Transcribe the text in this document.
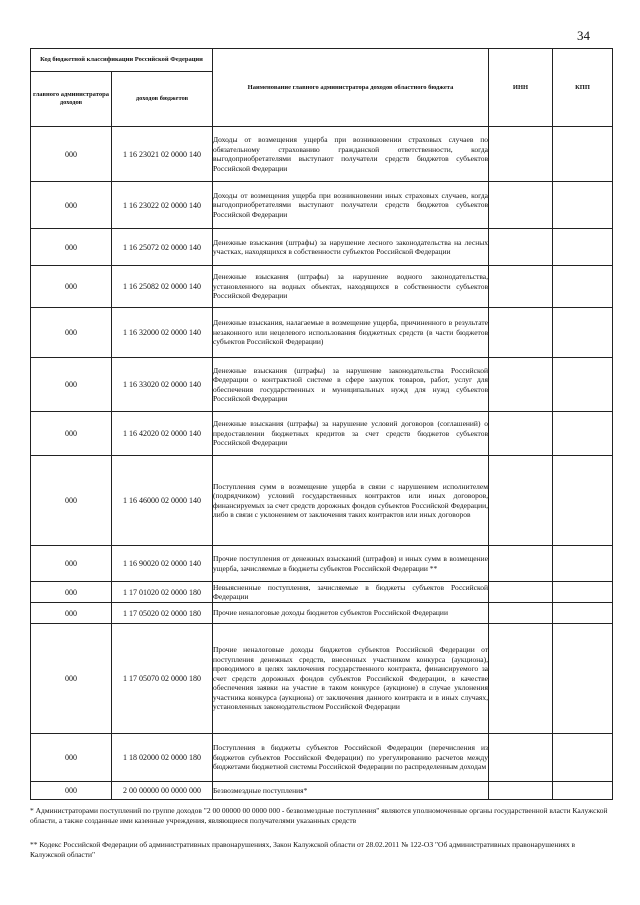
34
Код бюджетной классификации Российской Федерации		Наименование главного администратора доходов областного бюджета	ИНН	КПП
главного администратора доходов	доходов бюджетов			
000	1 16 23021 02 0000 140	Доходы от возмещения ущерба при возникновении страховых случаев по обязательному страхованию гражданской ответственности, когда выгодоприобретателями выступают получатели средств бюджетов субъектов Российской Федерации		
000	1 16 23022 02 0000 140	Доходы от возмещения ущерба при возникновении иных страховых случаев, когда выгодоприобретателями выступают получатели средств бюджетов субъектов Российской Федерации		
000	1 16 25072 02 0000 140	Денежные взыскания (штрафы) за нарушение лесного законодательства на лесных участках, находящихся в собственности субъектов Российской Федерации		
000	1 16 25082 02 0000 140	Денежные взыскания (штрафы) за нарушение водного законодательства, установленного на водных объектах, находящихся в собственности субъектов Российской Федерации		
000	1 16 32000 02 0000 140	Денежные взыскания, налагаемые в возмещение ущерба, причиненного в результате незаконного или нецелевого использования бюджетных средств (в части бюджетов субъектов Российской Федерации)		
000	1 16 33020 02 0000 140	Денежные взыскания (штрафы) за нарушение законодательства Российской Федерации о контрактной системе в сфере закупок товаров, работ, услуг для обеспечения государственных и муниципальных нужд для нужд субъектов Российской Федерации		
000	1 16 42020 02 0000 140	Денежные взыскания (штрафы) за нарушение условий договоров (соглашений) о предоставлении бюджетных кредитов за счет средств бюджетов субъектов Российской Федерации		
000	1 16 46000 02 0000 140	Поступления сумм в возмещение ущерба в связи с нарушением исполнителем (подрядчиком) условий государственных контрактов или иных договоров, финансируемых за счет средств дорожных фондов субъектов Российской Федерации, либо в связи с уклонением от заключения таких контрактов или иных договоров		
000	1 16 90020 02 0000 140	Прочие поступления от денежных взысканий (штрафов) и иных сумм в возмещение ущерба, зачисляемые в бюджеты субъектов Российской Федерации **		
000	1 17 01020 02 0000 180	Невыясненные поступления, зачисляемые в бюджеты субъектов Российской Федерации		
000	1 17 05020 02 0000 180	Прочие неналоговые доходы бюджетов субъектов Российской Федерации		
000	1 17 05070 02 0000 180	Прочие неналоговые доходы бюджетов субъектов Российской Федерации от поступления денежных средств, внесенных участником конкурса (аукциона), проводимого в целях заключения государственного контракта, финансируемого за счет средств дорожных фондов субъектов Российской Федерации, в качестве обеспечения заявки на участие в таком конкурсе (аукционе) в случае уклонения участника конкурса (аукциона) от заключения данного контракта и в иных случаях, установленных законодательством Российской Федерации		
000	1 18 02000 02 0000 180	Поступления в бюджеты субъектов Российской Федерации (перечисления из бюджетов субъектов Российской Федерации) по урегулированию расчетов между бюджетами бюджетной системы Российской Федерации по распределенным доходам		
000	2 00 00000 00 0000 000	Безвозмездные поступления*		
* Администраторами поступлений по группе доходов "2 00 00000 00 0000 000 - безвозмездные поступления" являются уполномоченные органы государственной власти Калужской области, а также созданные ими казенные учреждения, являющиеся получателями указанных средств
** Кодекс Российской Федерации об административных правонарушениях, Закон Калужской области от 28.02.2011 № 122-ОЗ "Об административных правонарушениях в Калужской области"
